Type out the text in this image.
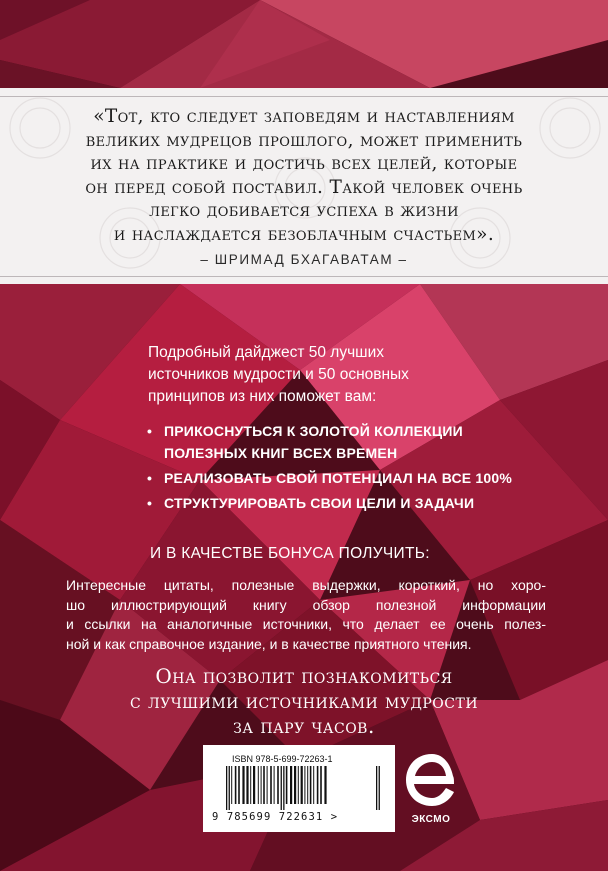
«Тот, кто следует заповедям и наставлениям
великих мудрецов прошлого, может применить
их на практике и достичь всех целей, которые
он перед собой поставил. Такой человек очень
легко добивается успеха в жизни
и наслаждается безоблачным счастьем».
– ШРИМАД БХАГАВАТАМ –
Подробный дайджест 50 лучших
источников мудрости и 50 основных
принципов из них поможет вам:
• ПРИКОСНУТЬСЯ К ЗОЛОТОЙ КОЛЛЕКЦИИ
ПОЛЕЗНЫХ КНИГ ВСЕХ ВРЕМЕН
• РЕАЛИЗОВАТЬ СВОЙ ПОТЕНЦИАЛ НА ВСЕ 100%
• СТРУКТУРИРОВАТЬ СВОИ ЦЕЛИ И ЗАДАЧИ
И В КАЧЕСТВЕ БОНУСА ПОЛУЧИТЬ:
Интересные цитаты, полезные выдержки, короткий, но хоро-
шо иллюстрирующий книгу обзор полезной информации
и ссылки на аналогичные источники, что делает ее очень полез-
ной и как справочное издание, и в качестве приятного чтения.
Она позволит познакомиться
с лучшими источниками мудрости
за пару часов.
ISBN 978-5-699-72263-1
9 785699 722631 >	ЭКСМО
